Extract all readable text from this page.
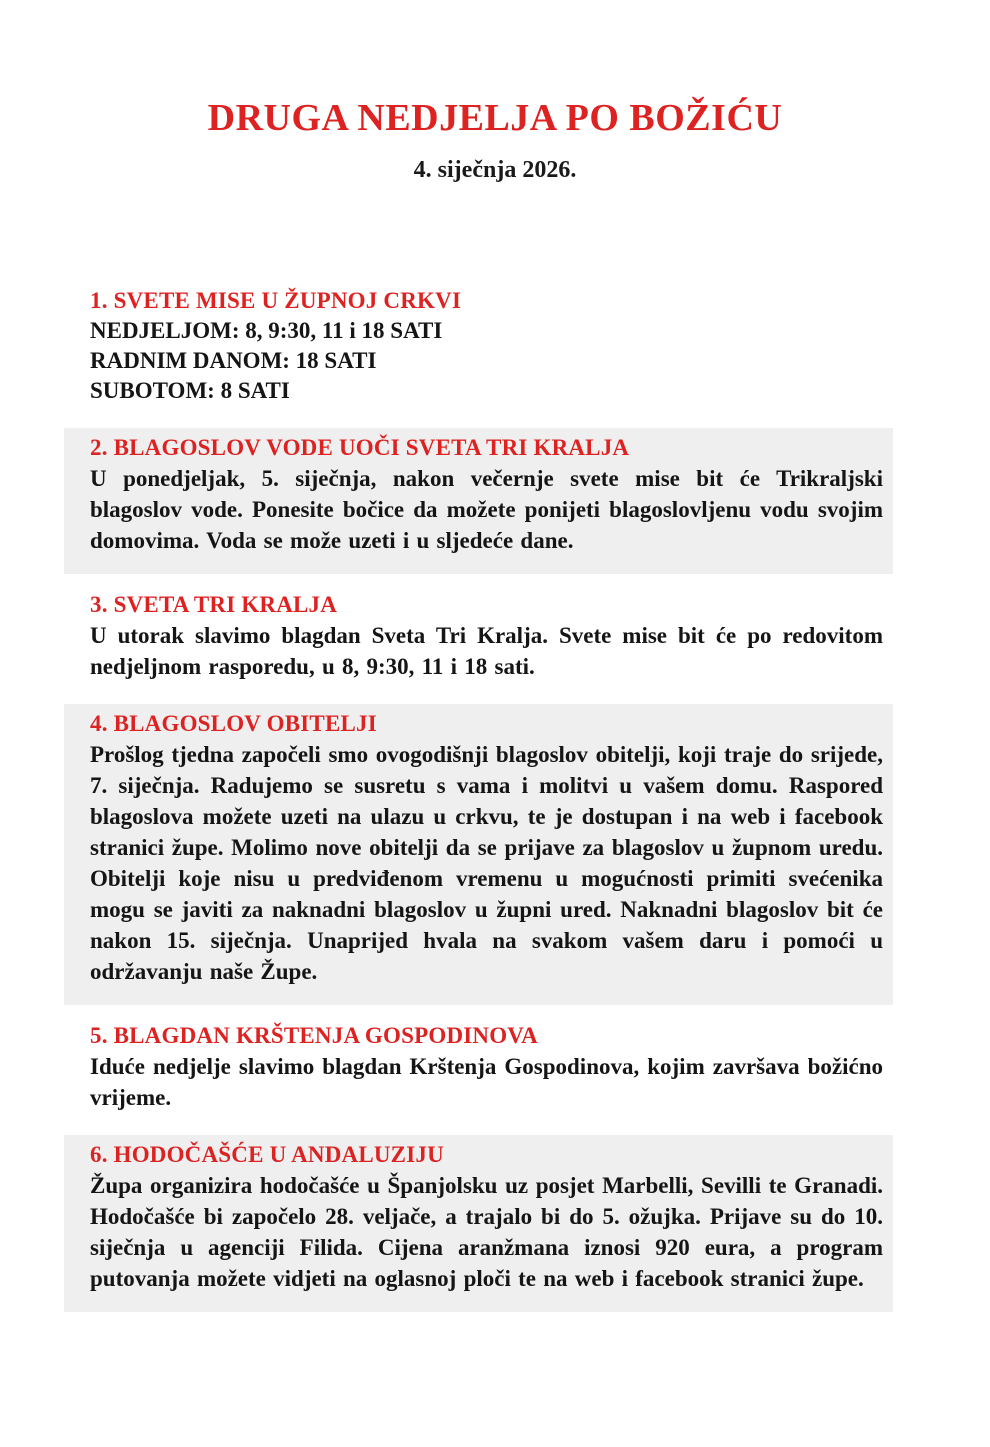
DRUGA NEDJELJA PO BOŽIĆU
4. siječnja 2026.
1. SVETE MISE U ŽUPNOJ CRKVI
NEDJELJOM: 8, 9:30, 11 i 18 SATI
RADNIM DANOM: 18 SATI
SUBOTOM: 8 SATI
2. BLAGOSLOV VODE UOČI SVETA TRI KRALJA

U ponedjeljak, 5. siječnja, nakon večernje svete mise bit će Trikraljski blagoslov vode. Ponesite bočice da možete ponijeti blagoslovljenu vodu svojim domovima. Voda se može uzeti i u sljedeće dane.

3. SVETA TRI KRALJA

U utorak slavimo blagdan Sveta Tri Kralja. Svete mise bit će po redovitom nedjeljnom rasporedu, u 8, 9:30, 11 i 18 sati.

4. BLAGOSLOV OBITELJI

Prošlog tjedna započeli smo ovogodišnji blagoslov obitelji, koji traje do srijede, 7. siječnja. Radujemo se susretu s vama i molitvi u vašem domu. Raspored blagoslova možete uzeti na ulazu u crkvu, te je dostupan i na web i facebook stranici župe. Molimo nove obitelji da se prijave za blagoslov u župnom uredu. Obitelji koje nisu u predviđenom vremenu u mogućnosti primiti svećenika mogu se javiti za naknadni blagoslov u župni ured. Naknadni blagoslov bit će nakon 15. siječnja. Unaprijed hvala na svakom vašem daru i pomoći u održavanju naše Župe.

5. BLAGDAN KRŠTENJA GOSPODINOVA

Iduće nedjelje slavimo blagdan Krštenja Gospodinova, kojim završava božićno vrijeme.

6. HODOČAŠĆE U ANDALUZIJU

Župa organizira hodočašće u Španjolsku uz posjet Marbelli, Sevilli te Granadi. Hodočašće bi započelo 28. veljače, a trajalo bi do 5. ožujka. Prijave su do 10. siječnja u agenciji Filida. Cijena aranžmana iznosi 920 eura, a program putovanja možete vidjeti na oglasnoj ploči te na web i facebook stranici župe.
